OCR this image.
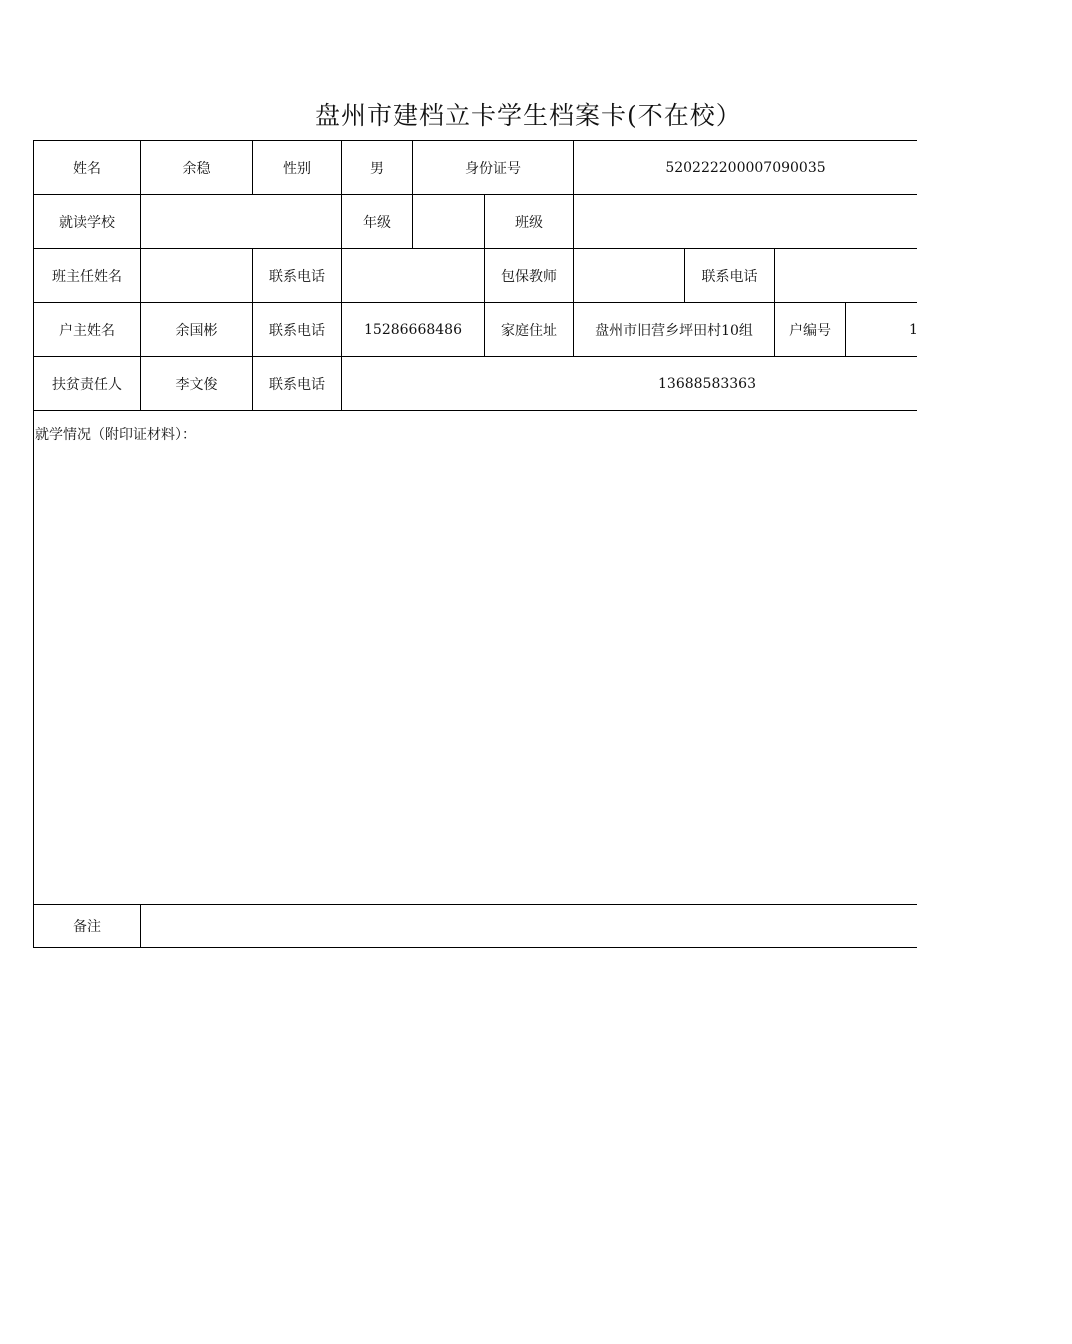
盘州市建档立卡学生档案卡(不在校）
姓名	余稳	性别	男	身份证号	520222200007090035
就读学校	年级	班级
班主任姓名	联系电话	包保教师	联系电话
户主姓名	余国彬	联系电话	15286668486	家庭住址	盘州市旧营乡坪田村10组	户编号	1
扶贫责任人	李文俊	联系电话	13688583363
就学情况（附印证材料）：
备注
